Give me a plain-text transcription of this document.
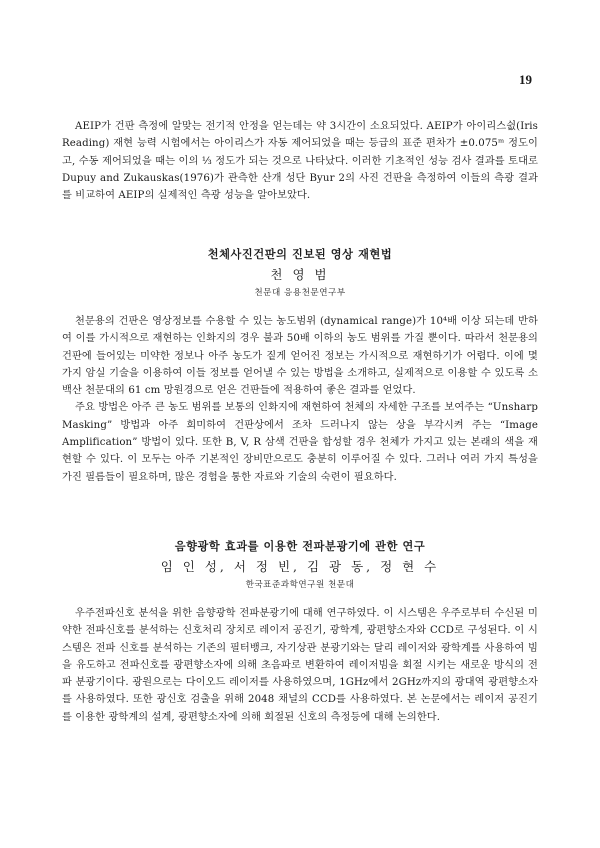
19

AEIP가 건판 측정에 알맞는 전기적 안정을 얻는데는 약 3시간이 소요되었다. AEIP가 아이리스쉾(Iris Reading) 재현 능력 시험에서는 아이리스가 자동 제어되었을 때는 등급의 표준 편차가 ±0.075ᵐ 정도이고, 수동 제어되었을 때는 이의 ⅓ 정도가 되는 것으로 나타났다. 이러한 기초적인 성능 검사 결과를 토대로 Dupuy and Zukauskas(1976)가 관측한 산개 성단 Byur 2의 사진 건판을 측정하여 이들의 측광 결과를 비교하여 AEIP의 실제적인 측광 성능을 알아보았다.

천체사진건판의 진보된 영상 재현법

천 영 범

천문대 응용천문연구부

천문용의 건판은 영상정보를 수용할 수 있는 농도범위 (dynamical range)가 10⁴배 이상 되는데 반하여 이를 가시적으로 재현하는 인화지의 경우 불과 50배 이하의 농도 범위를 가질 뿐이다. 따라서 천문용의 건판에 들어있는 미약한 정보나 아주 농도가 짙게 얻어진 정보는 가시적으로 재현하기가 어렵다. 이에 몇 가지 암실 기술을 이용하여 이들 정보를 얻어낼 수 있는 방법을 소개하고, 실제적으로 이용할 수 있도록 소백산 천문대의 61 cm 망원경으로 얻은 건판들에 적용하여 좋은 결과를 얻었다.

주요 방법은 아주 큰 농도 범위를 보통의 인화지에 재현하여 천체의 자세한 구조를 보여주는 “Unsharp Masking” 방법과 아주 희미하여 건판상에서 조차 드러나지 않는 상을 부각시켜 주는 “Image Amplification” 방법이 있다. 또한 B, V, R 삼색 건판을 합성할 경우 천체가 가지고 있는 본래의 색을 재현할 수 있다. 이 모두는 아주 기본적인 장비만으로도 충분히 이루어질 수 있다. 그러나 여러 가지 특성을 가진 필름들이 필요하며, 많은 경험을 통한 자료와 기술의 숙련이 필요하다.

음향광학 효과를 이용한 전파분광기에 관한 연구

임 인 성, 서 정 빈, 김 광 동, 정 현 수

한국표준과학연구원 천문대

우주전파신호 분석을 위한 음향광학 전파분광기에 대해 연구하였다. 이 시스템은 우주로부터 수신된 미약한 전파신호를 분석하는 신호처리 장치로 레이저 공진기, 광학계, 광편향소자와 CCD로 구성된다. 이 시스템은 전파 신호를 분석하는 기존의 필터뱅크, 자기상관 분광기와는 달리 레이저와 광학계를 사용하여 빔을 유도하고 전파신호를 광편향소자에 의해 초음파로 변환하여 레이저빔을 회절 시키는 새로운 방식의 전파 분광기이다. 광원으로는 다이오드 레이저를 사용하였으며, 1GHz에서 2GHz까지의 광대역 광편향소자를 사용하였다. 또한 광신호 검출을 위해 2048 채널의 CCD를 사용하였다. 본 논문에서는 레이저 공진기를 이용한 광학계의 설계, 광편향소자에 의해 회절된 신호의 측정등에 대해 논의한다.
